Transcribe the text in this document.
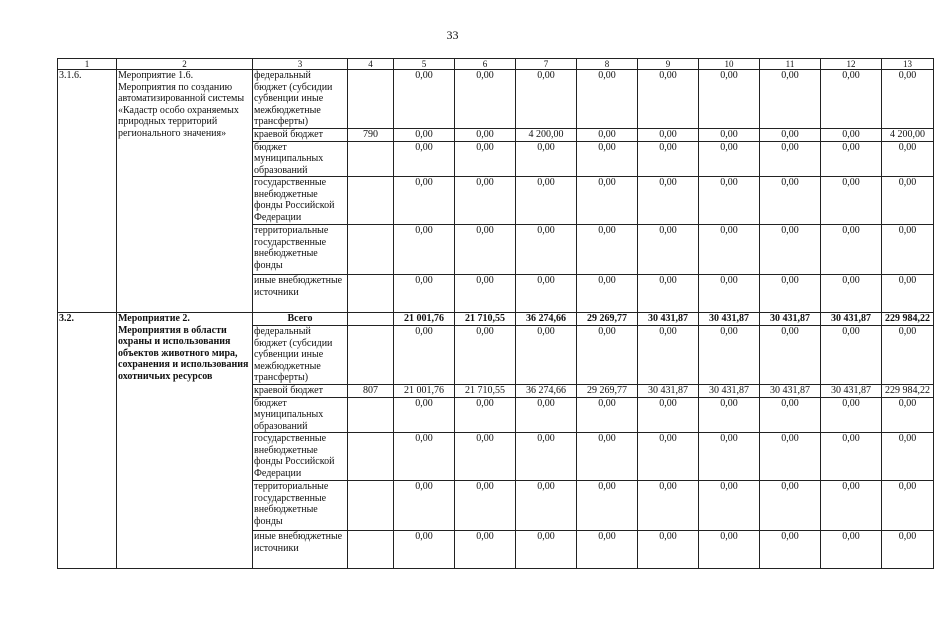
33
1	2	3	4	5	6	7	8	9	10	11	12	13
3.1.6.	Мероприятие 1.6. Мероприятия по созданию автоматизированной системы «Кадастр особо охраняемых природных территорий регионального значения»	федеральный бюджет (субсидии субвенции иные межбюджетные трансферты)		0,00	0,00	0,00	0,00	0,00	0,00	0,00	0,00	0,00
		краевой бюджет	790	0,00	0,00	4 200,00	0,00	0,00	0,00	0,00	0,00	4 200,00
		бюджет муниципальных образований		0,00	0,00	0,00	0,00	0,00	0,00	0,00	0,00	0,00
		государственные внебюджетные фонды Российской Федерации		0,00	0,00	0,00	0,00	0,00	0,00	0,00	0,00	0,00
		территориальные государственные внебюджетные фонды		0,00	0,00	0,00	0,00	0,00	0,00	0,00	0,00	0,00
		иные внебюджетные источники		0,00	0,00	0,00	0,00	0,00	0,00	0,00	0,00	0,00
3.2.	Мероприятие 2. Мероприятия в области охраны и использования объектов животного мира, сохранения и использования охотничьих ресурсов	Всего		21 001,76	21 710,55	36 274,66	29 269,77	30 431,87	30 431,87	30 431,87	30 431,87	229 984,22
		федеральный бюджет (субсидии субвенции иные межбюджетные трансферты)		0,00	0,00	0,00	0,00	0,00	0,00	0,00	0,00	0,00
		краевой бюджет	807	21 001,76	21 710,55	36 274,66	29 269,77	30 431,87	30 431,87	30 431,87	30 431,87	229 984,22
		бюджет муниципальных образований		0,00	0,00	0,00	0,00	0,00	0,00	0,00	0,00	0,00
		государственные внебюджетные фонды Российской Федерации		0,00	0,00	0,00	0,00	0,00	0,00	0,00	0,00	0,00
		территориальные государственные внебюджетные фонды		0,00	0,00	0,00	0,00	0,00	0,00	0,00	0,00	0,00
		иные внебюджетные источники		0,00	0,00	0,00	0,00	0,00	0,00	0,00	0,00	0,00
